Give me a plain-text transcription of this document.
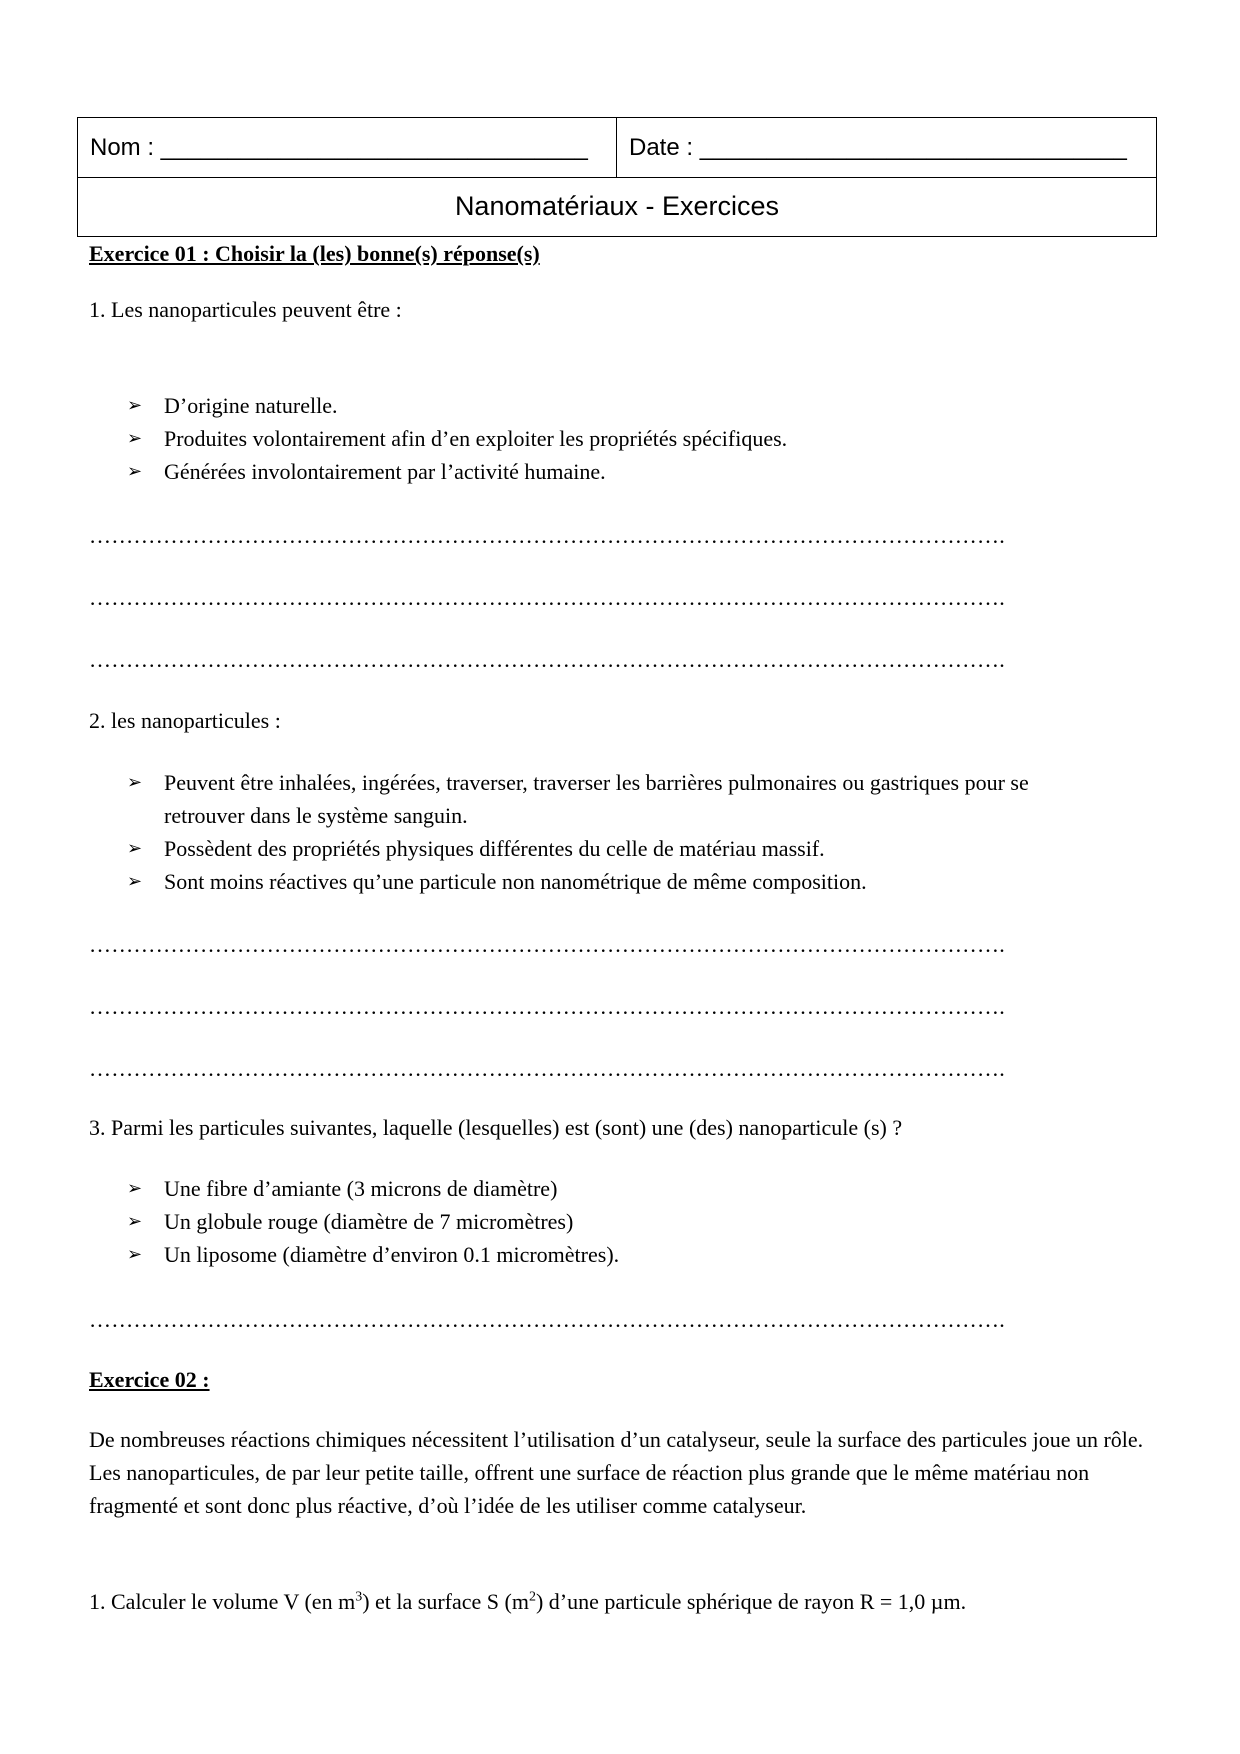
Nom : ________________________________ Date : ________________________________
Nanomatériaux - Exercices
Exercice 01 : Choisir la (les) bonne(s) réponse(s)
1. Les nanoparticules peuvent être :
➢ D’origine naturelle.
➢ Produites volontairement afin d’en exploiter les propriétés spécifiques.
➢ Générées involontairement par l’activité humaine.
…………………………………………………………………………………………………………….
…………………………………………………………………………………………………………….
…………………………………………………………………………………………………………….
2. les nanoparticules :
➢ Peuvent être inhalées, ingérées, traverser, traverser les barrières pulmonaires ou gastriques pour se
retrouver dans le système sanguin.
➢ Possèdent des propriétés physiques différentes du celle de matériau massif.
➢ Sont moins réactives qu’une particule non nanométrique de même composition.
…………………………………………………………………………………………………………….
…………………………………………………………………………………………………………….
…………………………………………………………………………………………………………….
3. Parmi les particules suivantes, laquelle (lesquelles) est (sont) une (des) nanoparticule (s) ?
➢ Une fibre d’amiante (3 microns de diamètre)
➢ Un globule rouge (diamètre de 7 micromètres)
➢ Un liposome (diamètre d’environ 0.1 micromètres).
…………………………………………………………………………………………………………….
Exercice 02 :
De nombreuses réactions chimiques nécessitent l’utilisation d’un catalyseur, seule la surface des particules joue un rôle. Les nanoparticules, de par leur petite taille, offrent une surface de réaction plus grande que le même matériau non fragmenté et sont donc plus réactive, d’où l’idée de les utiliser comme catalyseur.
1. Calculer le volume V (en $m^3$) et la surface S $(m^2)$ d’une particule sphérique de rayon R = 1,0 µm.
